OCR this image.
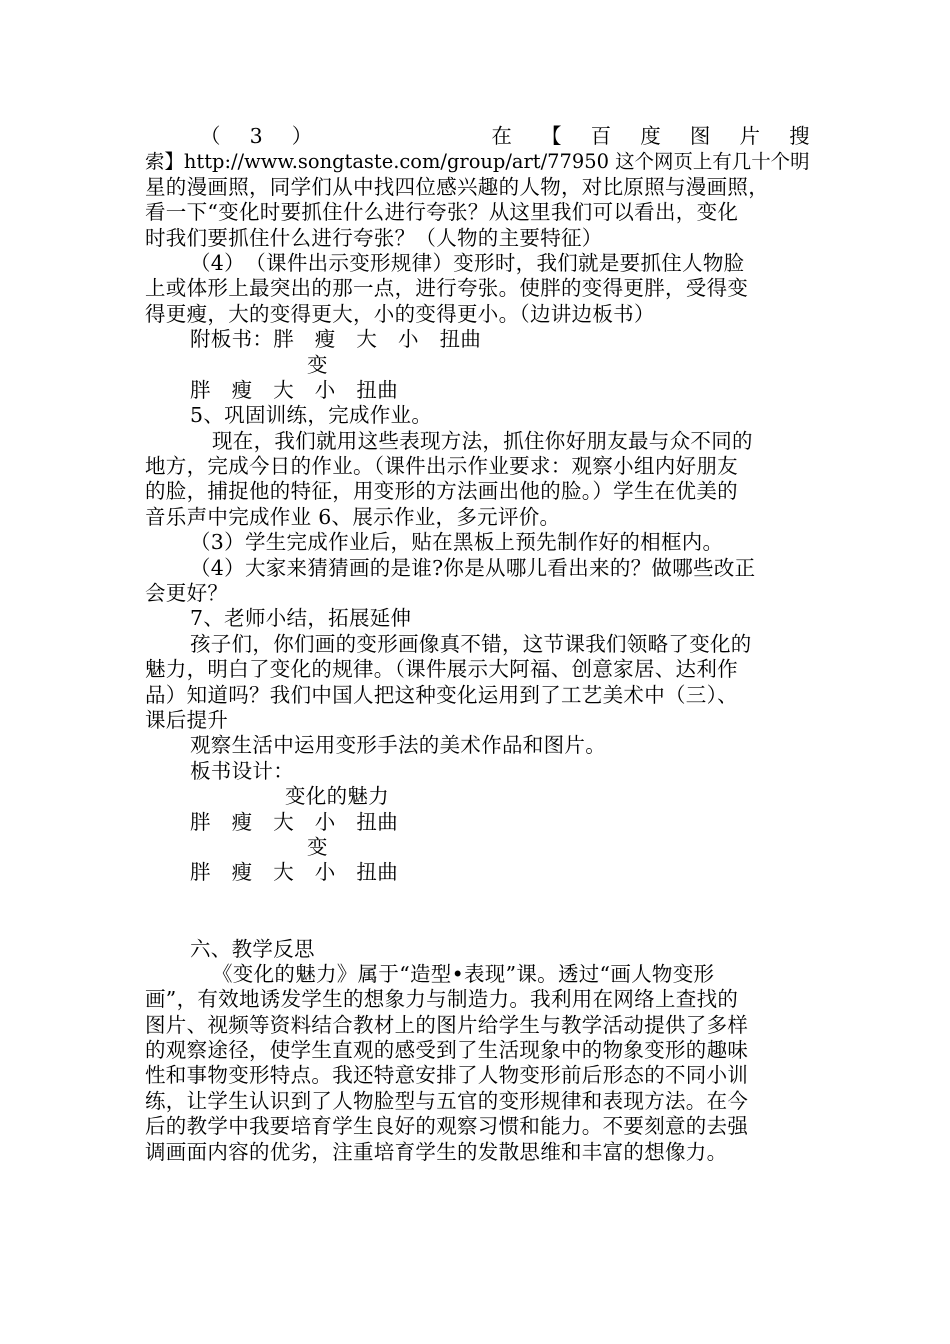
（ 3 ）	在 【 百 度 图 片 搜
索】http://www.songtaste.com/group/art/77950 这个网页上有几十个明
星的漫画照，同学们从中找四位感兴趣的人物，对比原照与漫画照，
看一下“变化时要抓住什么进行夸张？从这里我们可以看出，变化
时我们要抓住什么进行夸张？（人物的主要特征）
（4）　（课件出示变形规律）变形时，我们就是要抓住人物脸
上或体形上最突出的那一点，进行夸张。使胖的变得更胖，受得变
得更瘦，大的变得更大，小的变得更小。（边讲边板书）
附板书：胖　瘦　大　小　扭曲
变
胖　瘦　大　小　扭曲
5、巩固训练，完成作业。
现在，我们就用这些表现方法，抓住你好朋友最与众不同的
地方，完成今日的作业。（课件出示作业要求：观察小组内好朋友
的脸，捕捉他的特征，用变形的方法画出他的脸。）学生在优美的
音乐声中完成作业 6、展示作业，多元评价。
（3）学生完成作业后，贴在黑板上预先制作好的相框内。
（4）大家来猜猜画的是谁?你是从哪儿看出来的？做哪些改正
会更好？
7、老师小结，拓展延伸
孩子们，你们画的变形画像真不错，这节课我们领略了变化的
魅力，明白了变化的规律。（课件展示大阿福、创意家居、达利作
品）知道吗？我们中国人把这种变化运用到了工艺美术中（三）、
课后提升
观察生活中运用变形手法的美术作品和图片。
板书设计：
变化的魅力
胖　瘦　大　小　扭曲
变
胖　瘦　大　小　扭曲
六、教学反思
《变化的魅力》属于“造型•表现”课。透过“画人物变形
画”，有效地诱发学生的想象力与制造力。我利用在网络上查找的
图片、视频等资料结合教材上的图片给学生与教学活动提供了多样
的观察途径，使学生直观的感受到了生活现象中的物象变形的趣味
性和事物变形特点。我还特意安排了人物变形前后形态的不同小训
练，让学生认识到了人物脸型与五官的变形规律和表现方法。在今
后的教学中我要培育学生良好的观察习惯和能力。不要刻意的去强
调画面内容的优劣，注重培育学生的发散思维和丰富的想像力。
